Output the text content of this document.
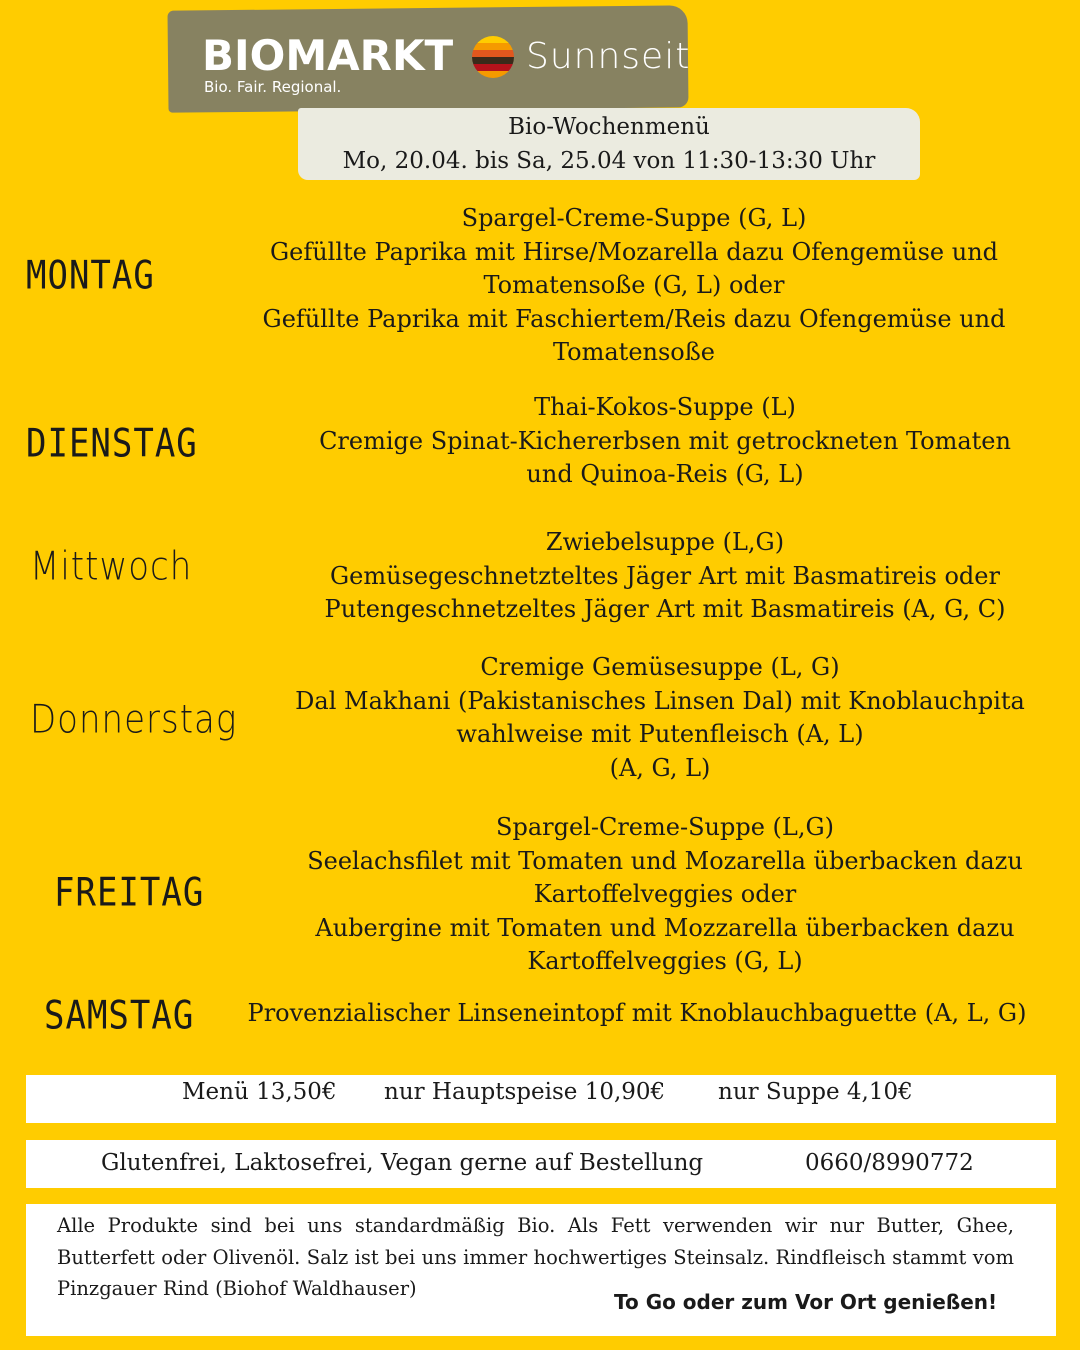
BIOMARKT Sunnseit
Bio. Fair. Regional.
Bio-Wochenmenü
Mo, 20.04. bis Sa, 25.04 von 11:30-13:30 Uhr
MONTAG
DIENSTAG
Mittwoch
Donnerstag
FREITAG
SAMSTAG
Spargel-Creme-Suppe (G, L)
Gefüllte Paprika mit Hirse/Mozarella dazu Ofengemüse und
Tomatensoße (G, L) oder
Gefüllte Paprika mit Faschiertem/Reis dazu Ofengemüse und
Tomatensoße
Thai-Kokos-Suppe (L)
Cremige Spinat-Kichererbsen mit getrockneten Tomaten
und Quinoa-Reis (G, L)
Zwiebelsuppe (L,G)
Gemüsegeschnetzteltes Jäger Art mit Basmatireis oder
Putengeschnetzeltes Jäger Art mit Basmatireis (A, G, C)
Cremige Gemüsesuppe (L, G)
Dal Makhani (Pakistanisches Linsen Dal) mit Knoblauchpita
wahlweise mit Putenfleisch (A, L)
(A, G, L)
Spargel-Creme-Suppe (L,G)
Seelachsfilet mit Tomaten und Mozarella überbacken dazu
Kartoffelveggies oder
Aubergine mit Tomaten und Mozzarella überbacken dazu
Kartoffelveggies (G, L)
Provenzialischer Linseneintopf mit Knoblauchbaguette (A, L, G)
Menü 13,50€ nur Hauptspeise 10,90€ nur Suppe 4,10€
Glutenfrei, Laktosefrei, Vegan gerne auf Bestellung	0660/8990772
Alle Produkte sind bei uns standardmäßig Bio. Als Fett verwenden wir nur Butter, Ghee, Butterfett oder Olivenöl. Salz ist bei uns immer hochwertiges Steinsalz. Rindfleisch stammt vom Pinzgauer Rind (Biohof Waldhauser)
To Go oder zum Vor Ort genießen!
